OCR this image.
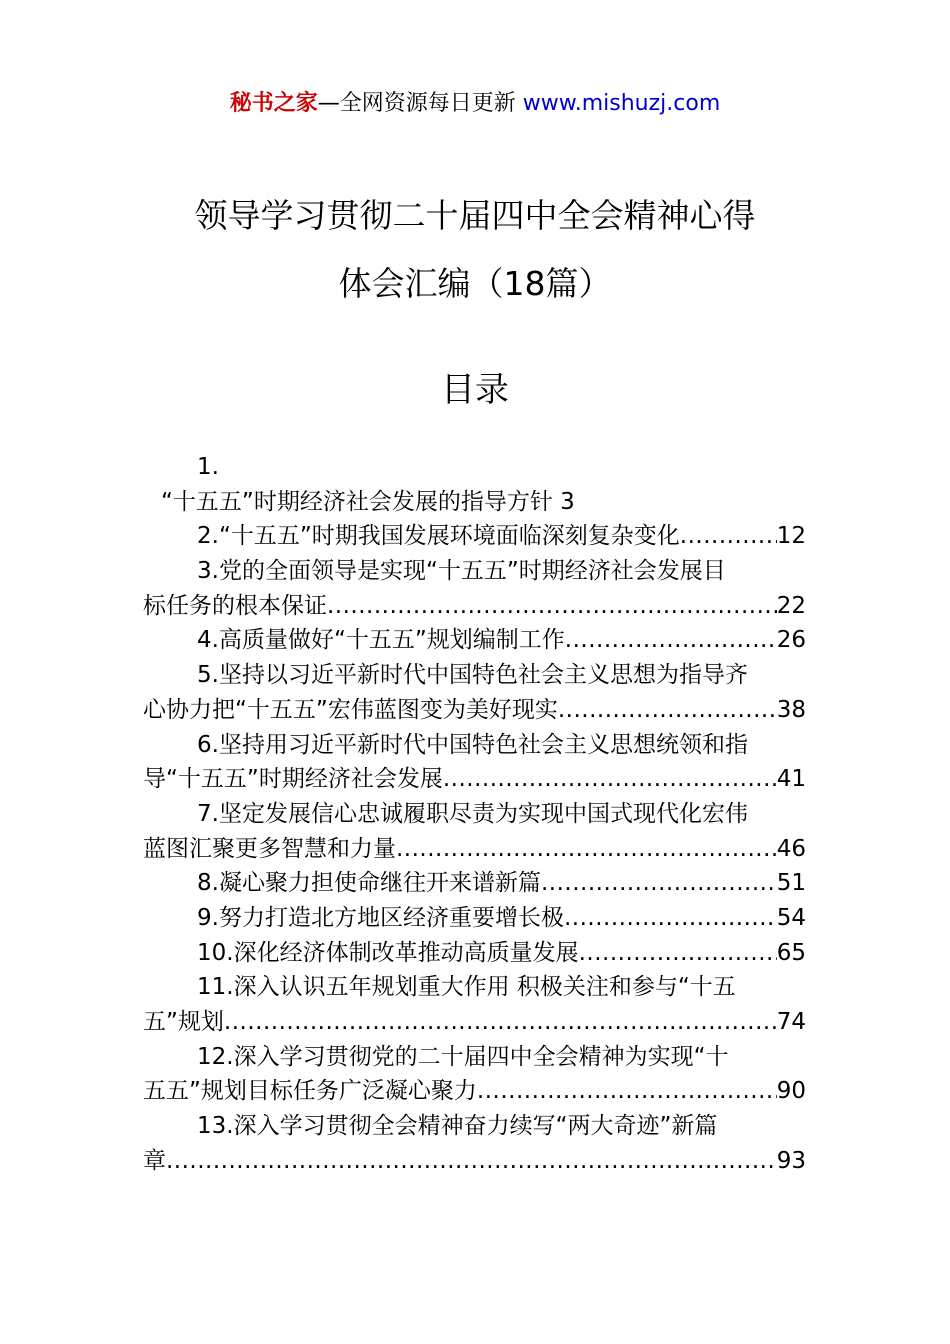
秘书之家—全网资源每日更新 www.mishuzj.com
领导学习贯彻二十届四中全会精神心得
体会汇编（18篇）
目录
1.
“十五五”时期经济社会发展的指导方针 3
2.“十五五”时期我国发展环境面临深刻复杂变化 .....	12
3.党的全面领导是实现“十五五”时期经济社会发展目
标任务的根本保证 .....	22
4.高质量做好“十五五”规划编制工作 .....	26
5.坚持以习近平新时代中国特色社会主义思想为指导齐
心协力把“十五五”宏伟蓝图变为美好现实 .....	38
6.坚持用习近平新时代中国特色社会主义思想统领和指
导“十五五”时期经济社会发展 .....	41
7.坚定发展信心忠诚履职尽责为实现中国式现代化宏伟
蓝图汇聚更多智慧和力量 .....	46
8.凝心聚力担使命继往开来谱新篇 .....	51
9.努力打造北方地区经济重要增长极 .....	54
10.深化经济体制改革推动高质量发展 .....	65
11.深入认识五年规划重大作用 积极关注和参与“十五
五”规划 .....	74
12.深入学习贯彻党的二十届四中全会精神为实现“十
五五”规划目标任务广泛凝心聚力 .....	90
13.深入学习贯彻全会精神奋力续写“两大奇迹”新篇
章 .....	93
